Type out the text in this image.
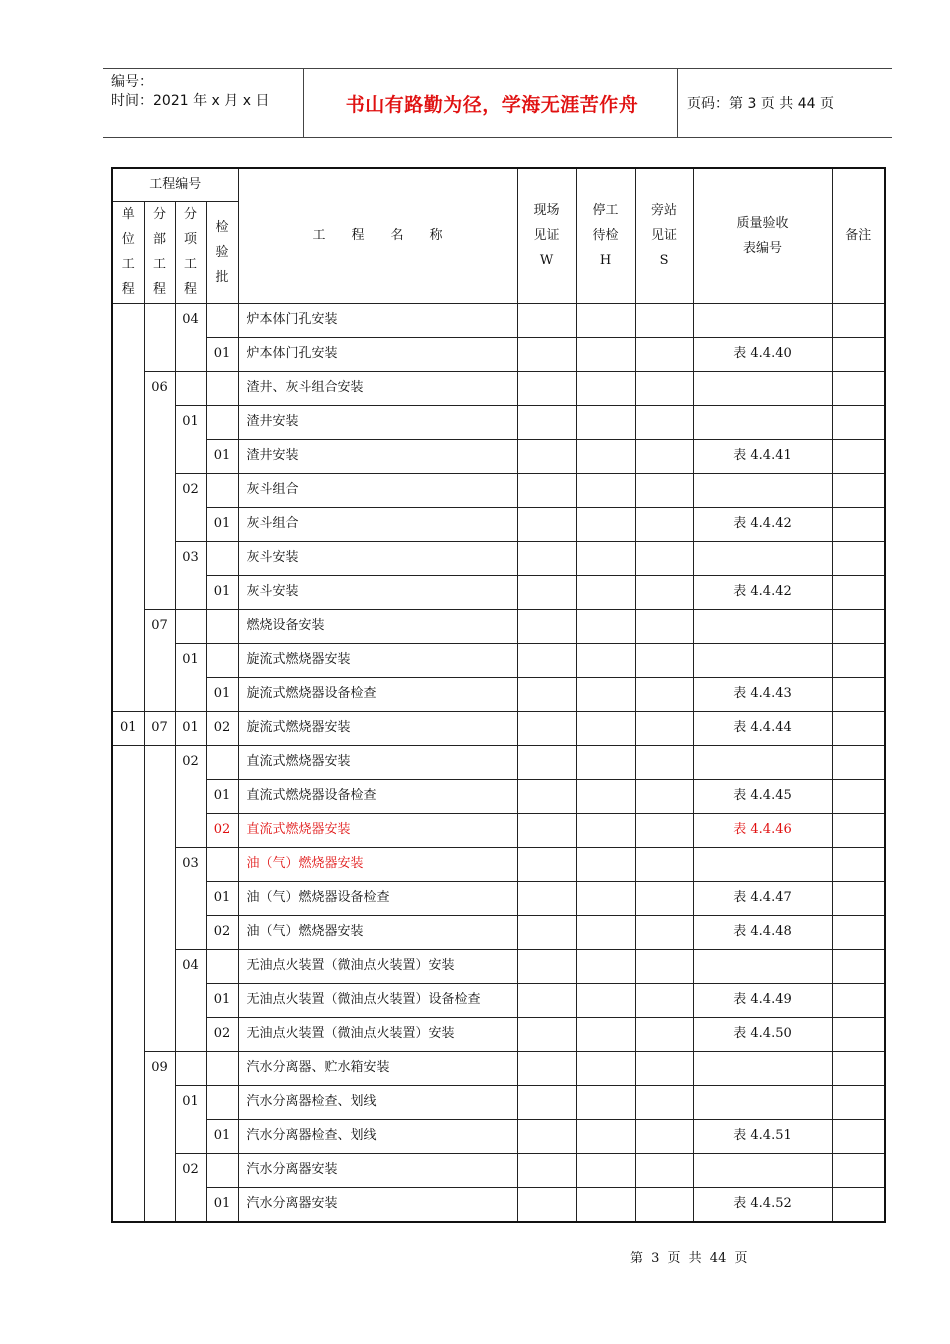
编号：
时间：2021 年 x 月 x 日	书山有路勤为径，学海无涯苦作舟	页码：第 3 页 共 44 页
工程编号				工　　程　　名　　称	现场
见证
W	停工
待检
H	旁站
见证
S	质量验收
表编号	备注
单
位
工
程	分
部
工
程	分
项
工
程	检
验
批						
		04		炉本体门孔安装					
			01	炉本体门孔安装				表 4.4.40	
	06			渣井、灰斗组合安装					
		01		渣井安装					
			01	渣井安装				表 4.4.41	
		02		灰斗组合					
			01	灰斗组合				表 4.4.42	
		03		灰斗安装					
			01	灰斗安装				表 4.4.42	
	07			燃烧设备安装					
		01		旋流式燃烧器安装					
			01	旋流式燃烧器设备检查				表 4.4.43	
01	07	01	02	旋流式燃烧器安装				表 4.4.44	
		02		直流式燃烧器安装					
			01	直流式燃烧器设备检查				表 4.4.45	
			02	直流式燃烧器安装				表 4.4.46	
		03		油（气）燃烧器安装					
			01	油（气）燃烧器设备检查				表 4.4.47	
			02	油（气）燃烧器安装				表 4.4.48	
		04		无油点火装置（微油点火装置）安装					
			01	无油点火装置（微油点火装置）设备检查				表 4.4.49	
			02	无油点火装置（微油点火装置）安装				表 4.4.50	
	09			汽水分离器、贮水箱安装					
		01		汽水分离器检查、划线					
			01	汽水分离器检查、划线				表 4.4.51	
		02		汽水分离器安装					
			01	汽水分离器安装				表 4.4.52	
第 3 页 共 44 页
